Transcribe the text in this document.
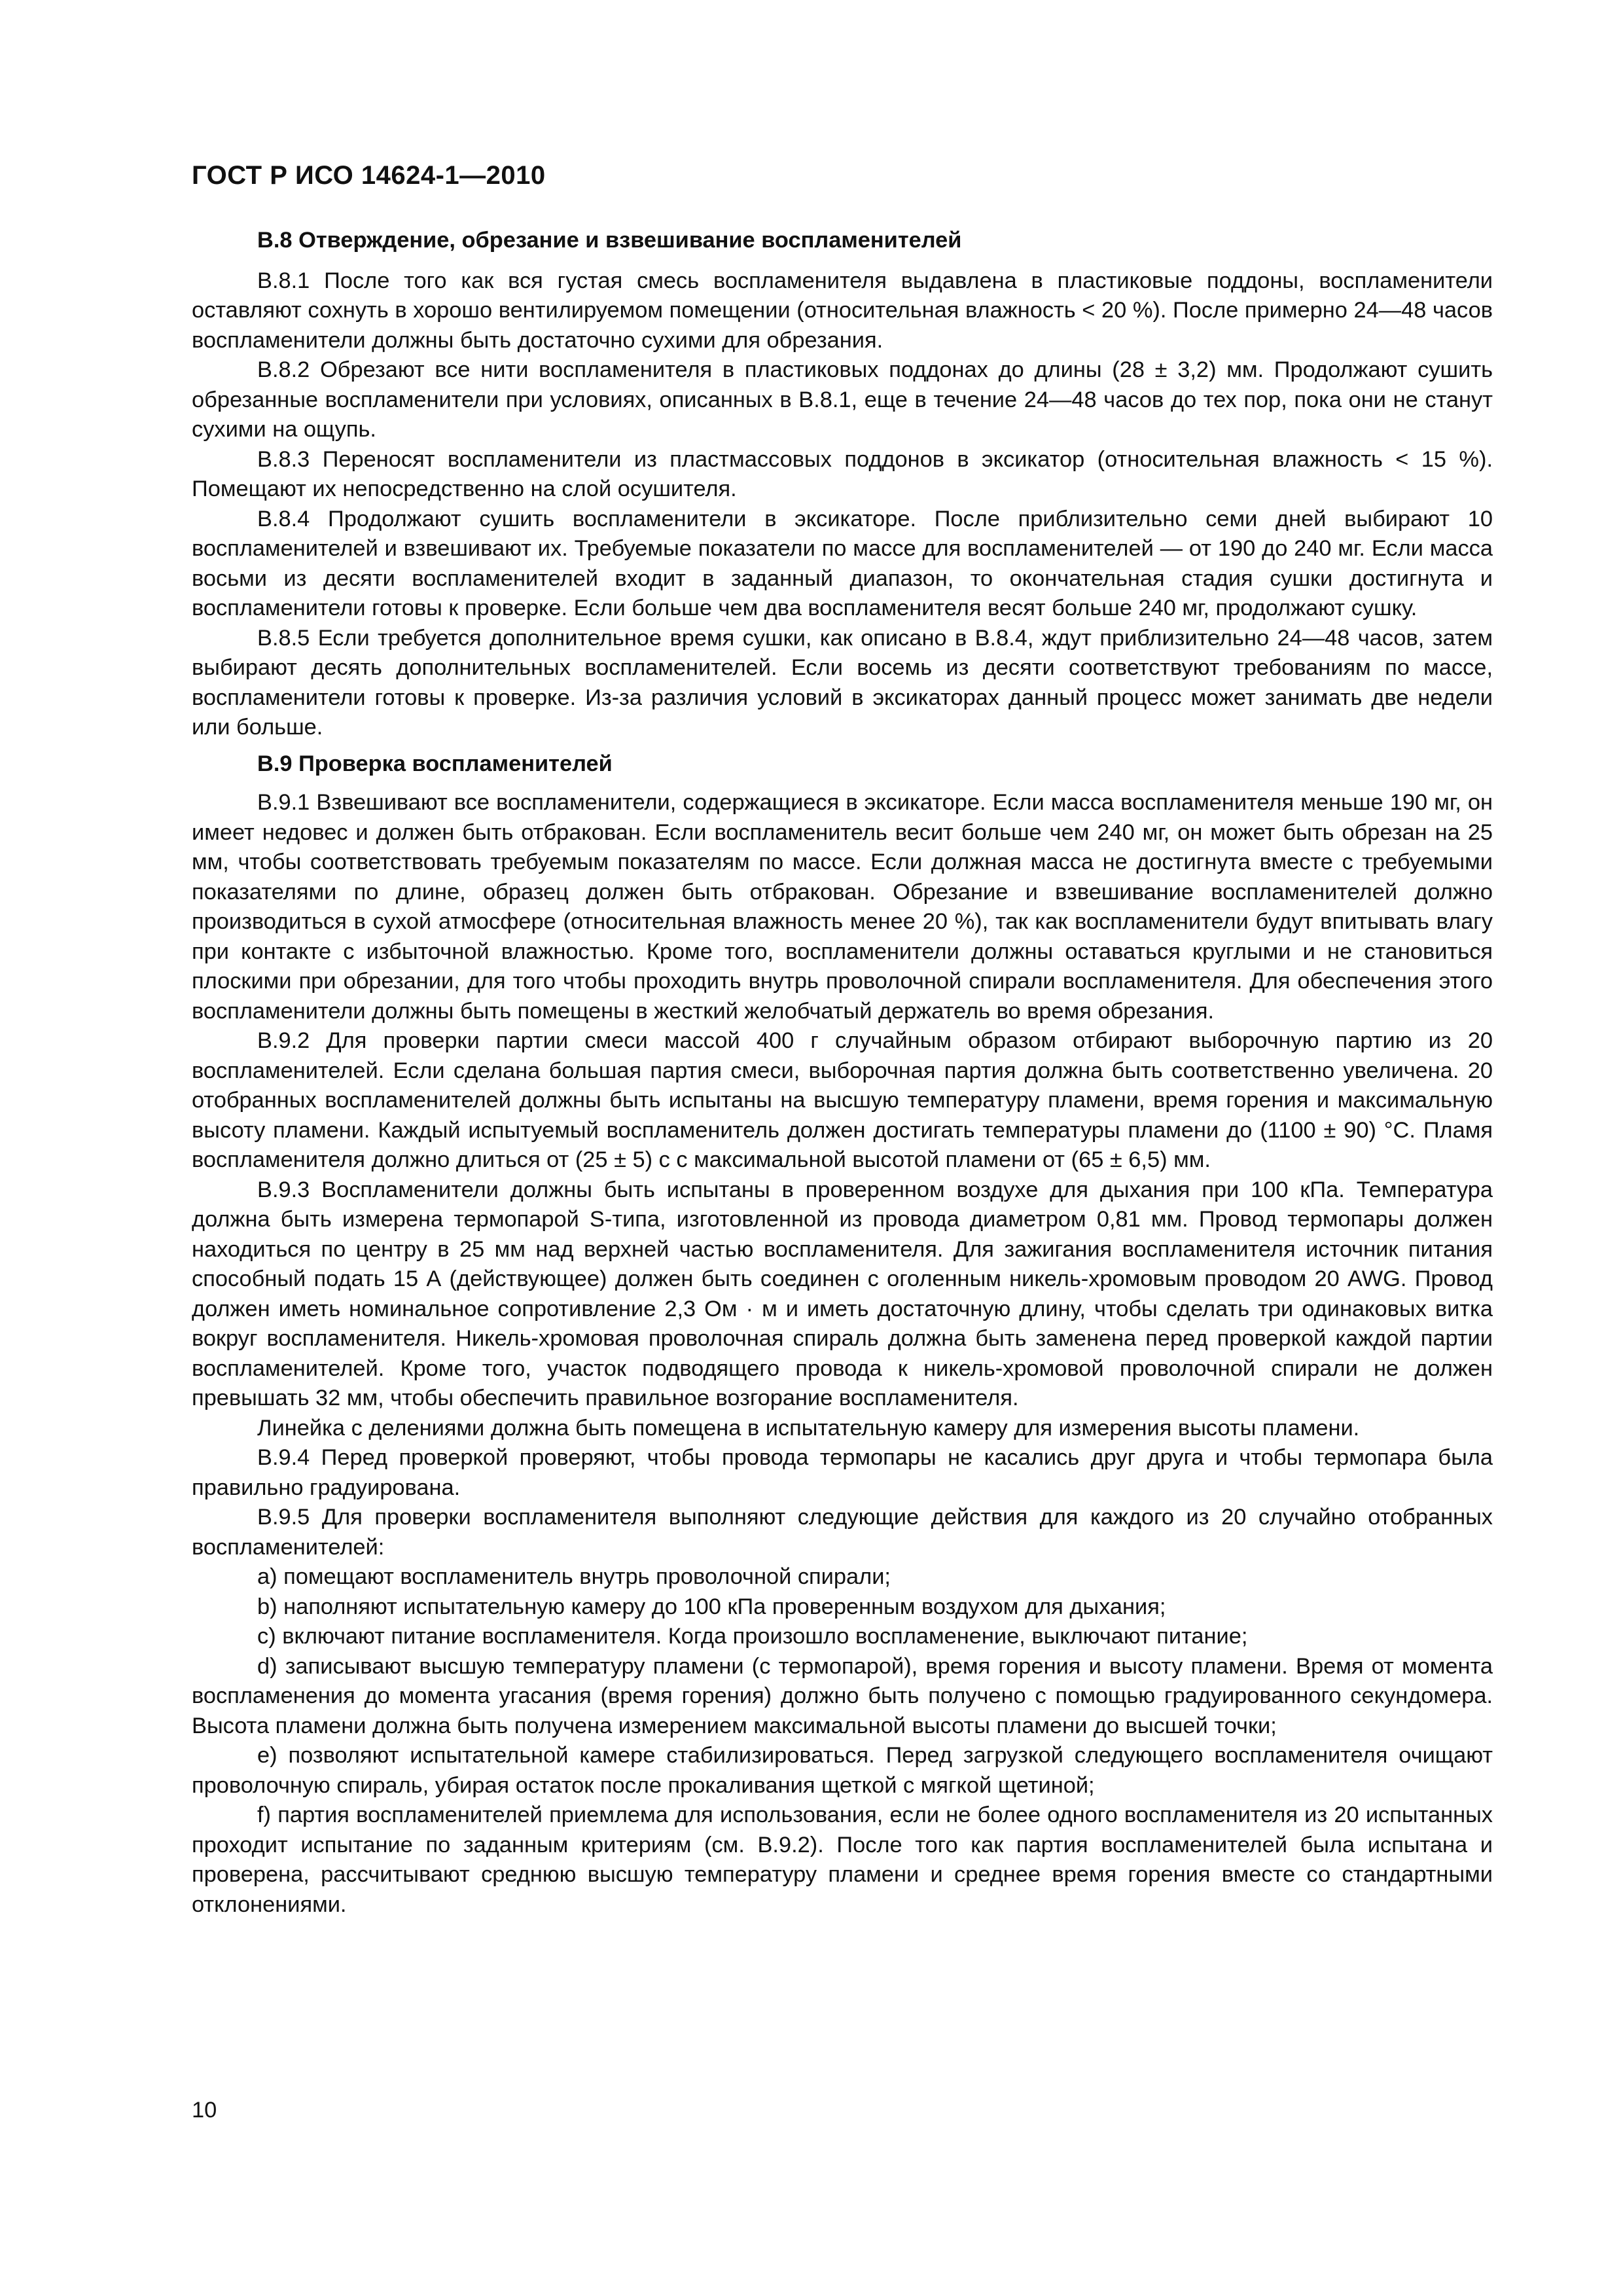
ГОСТ Р ИСО 14624-1—2010

В.8 Отверждение, обрезание и взвешивание воспламенителей

В.8.1 После того как вся густая смесь воспламенителя выдавлена в пластиковые поддоны, воспламенители оставляют сохнуть в хорошо вентилируемом помещении (относительная влажность < 20 %). После примерно 24—48 часов воспламенители должны быть достаточно сухими для обрезания.

В.8.2 Обрезают все нити воспламенителя в пластиковых поддонах до длины (28 ± 3,2) мм. Продолжают сушить обрезанные воспламенители при условиях, описанных в В.8.1, еще в течение 24—48 часов до тех пор, пока они не станут сухими на ощупь.

В.8.3 Переносят воспламенители из пластмассовых поддонов в эксикатор (относительная влажность < 15 %). Помещают их непосредственно на слой осушителя.

В.8.4 Продолжают сушить воспламенители в эксикаторе. После приблизительно семи дней выбирают 10 воспламенителей и взвешивают их. Требуемые показатели по массе для воспламенителей — от 190 до 240 мг. Если масса восьми из десяти воспламенителей входит в заданный диапазон, то окончательная стадия сушки достигнута и воспламенители готовы к проверке. Если больше чем два воспламенителя весят больше 240 мг, продолжают сушку.

В.8.5 Если требуется дополнительное время сушки, как описано в В.8.4, ждут приблизительно 24—48 часов, затем выбирают десять дополнительных воспламенителей. Если восемь из десяти соответствуют требованиям по массе, воспламенители готовы к проверке. Из-за различия условий в эксикаторах данный процесс может занимать две недели или больше.

В.9 Проверка воспламенителей

В.9.1 Взвешивают все воспламенители, содержащиеся в эксикаторе. Если масса воспламенителя меньше 190 мг, он имеет недовес и должен быть отбракован. Если воспламенитель весит больше чем 240 мг, он может быть обрезан на 25 мм, чтобы соответствовать требуемым показателям по массе. Если должная масса не достигнута вместе с требуемыми показателями по длине, образец должен быть отбракован. Обрезание и взвешивание воспламенителей должно производиться в сухой атмосфере (относительная влажность менее 20 %), так как воспламенители будут впитывать влагу при контакте с избыточной влажностью. Кроме того, воспламенители должны оставаться круглыми и не становиться плоскими при обрезании, для того чтобы проходить внутрь проволочной спирали воспламенителя. Для обеспечения этого воспламенители должны быть помещены в жесткий желобчатый держатель во время обрезания.

В.9.2 Для проверки партии смеси массой 400 г случайным образом отбирают выборочную партию из 20 воспламенителей. Если сделана большая партия смеси, выборочная партия должна быть соответственно увеличена. 20 отобранных воспламенителей должны быть испытаны на высшую температуру пламени, время горения и максимальную высоту пламени. Каждый испытуемый воспламенитель должен достигать температуры пламени до (1100 ± 90) °С. Пламя воспламенителя должно длиться от (25 ± 5) с с максимальной высотой пламени от (65 ± 6,5) мм.

В.9.3 Воспламенители должны быть испытаны в проверенном воздухе для дыхания при 100 кПа. Температура должна быть измерена термопарой S-типа, изготовленной из провода диаметром 0,81 мм. Провод термопары должен находиться по центру в 25 мм над верхней частью воспламенителя. Для зажигания воспламенителя источник питания способный подать 15 А (действующее) должен быть соединен с оголенным никель-хромовым проводом 20 AWG. Провод должен иметь номинальное сопротивление 2,3 Ом · м и иметь достаточную длину, чтобы сделать три одинаковых витка вокруг воспламенителя. Никель-хромовая проволочная спираль должна быть заменена перед проверкой каждой партии воспламенителей. Кроме того, участок подводящего провода к никель-хромовой проволочной спирали не должен превышать 32 мм, чтобы обеспечить правильное возгорание воспламенителя.

Линейка с делениями должна быть помещена в испытательную камеру для измерения высоты пламени.

В.9.4 Перед проверкой проверяют, чтобы провода термопары не касались друг друга и чтобы термопара была правильно градуирована.

В.9.5 Для проверки воспламенителя выполняют следующие действия для каждого из 20 случайно отобранных воспламенителей:

a) помещают воспламенитель внутрь проволочной спирали;

b) наполняют испытательную камеру до 100 кПа проверенным воздухом для дыхания;

c) включают питание воспламенителя. Когда произошло воспламенение, выключают питание;

d) записывают высшую температуру пламени (с термопарой), время горения и высоту пламени. Время от момента воспламенения до момента угасания (время горения) должно быть получено с помощью градуированного секундомера. Высота пламени должна быть получена измерением максимальной высоты пламени до высшей точки;

e) позволяют испытательной камере стабилизироваться. Перед загрузкой следующего воспламенителя очищают проволочную спираль, убирая остаток после прокаливания щеткой с мягкой щетиной;

f) партия воспламенителей приемлема для использования, если не более одного воспламенителя из 20 испытанных проходит испытание по заданным критериям (см. В.9.2). После того как партия воспламенителей была испытана и проверена, рассчитывают среднюю высшую температуру пламени и среднее время горения вместе со стандартными отклонениями.

10
